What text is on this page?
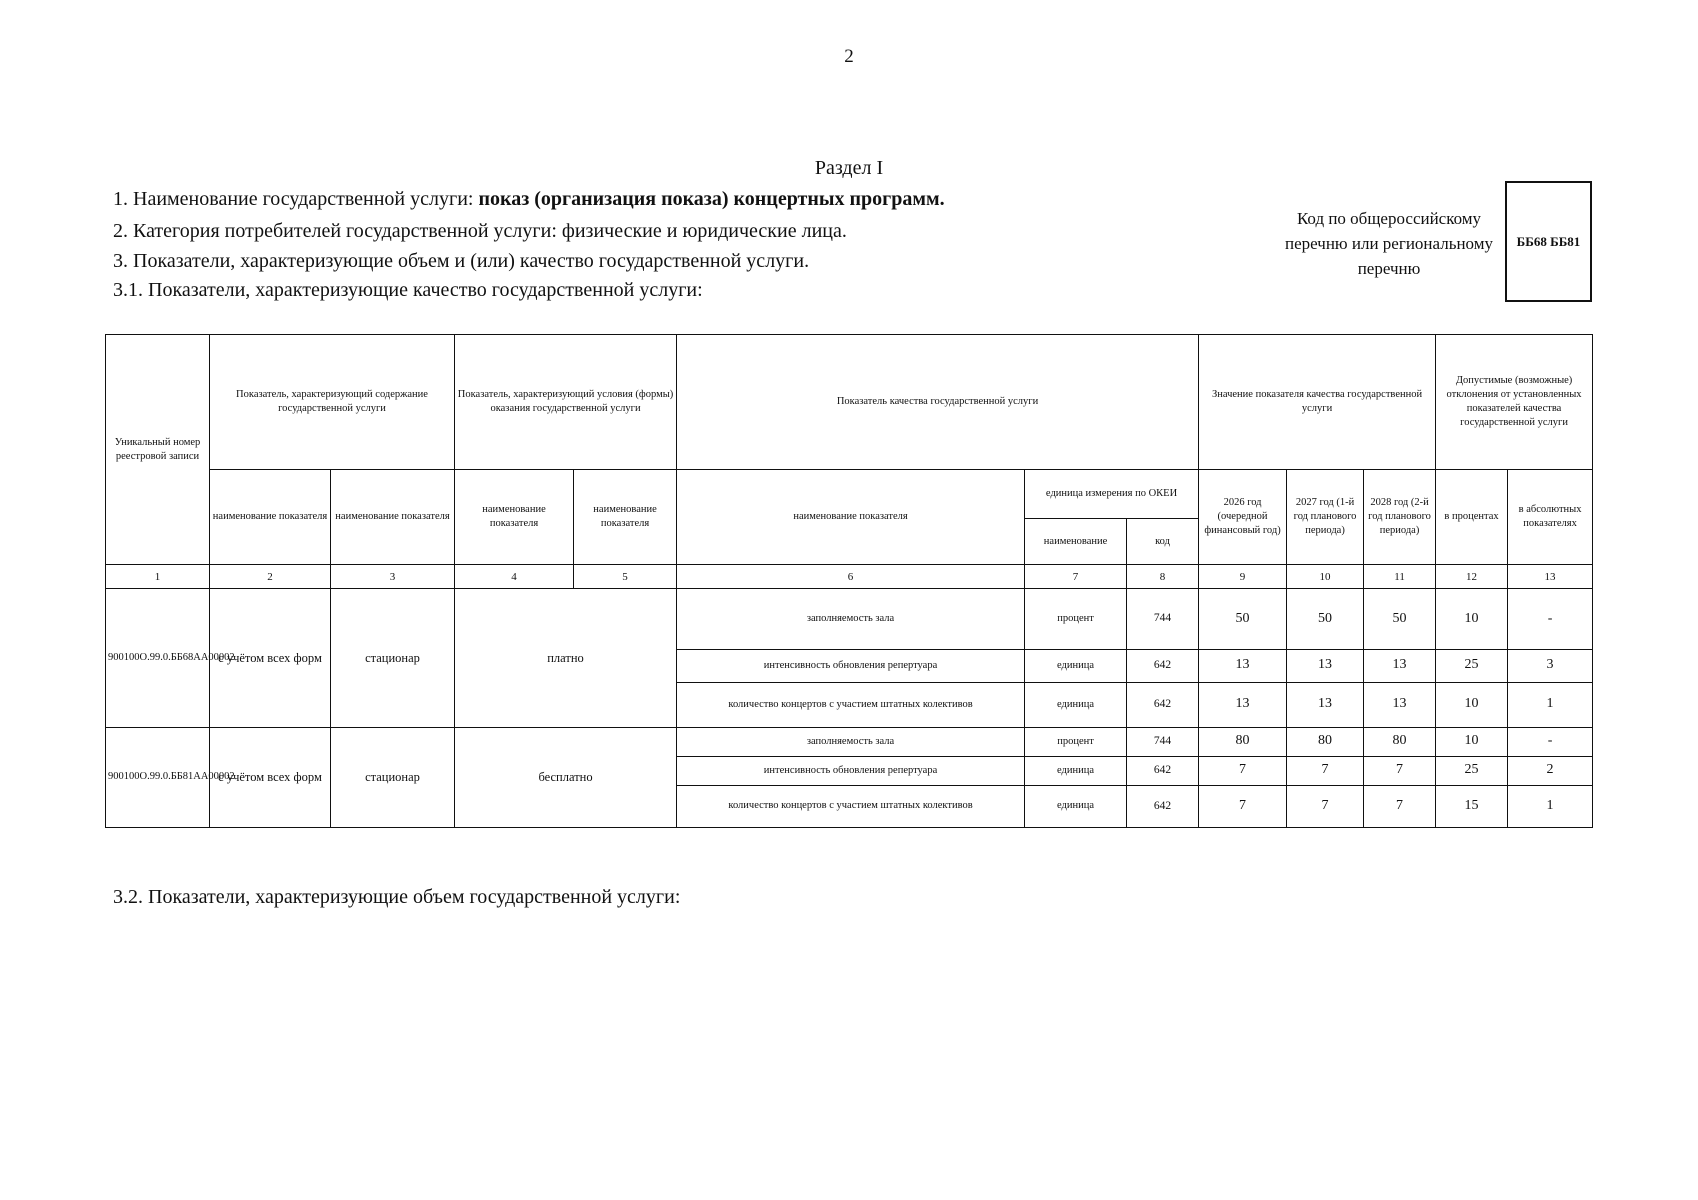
2
Раздел I
1. Наименование государственной услуги: показ (организация показа) концертных программ.
2. Категория потребителей государственной услуги: физические и юридические лица.
3. Показатели, характеризующие объем и (или) качество государственной услуги.
3.1. Показатели, характеризующие качество государственной услуги:
Код по общероссийскому перечню или региональному перечню
ББ68 ББ81
Уникальный номер реестровой записи	Показатель, характеризующий содержание государственной услуги		Показатель, характеризующий условия (формы) оказания государственной услуги		Показатель качества государственной услуги			Значение показателя качества государственной услуги			Допустимые (возможные) отклонения от установленных показателей качества государственной услуги	
	наименование показателя	наименование показателя	наименование показателя	наименование показателя	наименование показателя	единица измерения по ОКЕИ		2026 год (очередной финансовый год)	2027 год (1-й год планового периода)	2028 год (2-й год планового периода)	в процентах	в абсолютных показателях
						наименование	код					
1	2	3	4	5	6	7	8	9	10	11	12	13
900100О.99.0.ББ68АА00002	с учётом всех форм	стационар	платно		заполняемость зала	процент	744	50	50	50	10	-
					интенсивность обновления репертуара	единица	642	13	13	13	25	3
					количество концертов с участием штатных колективов	единица	642	13	13	13	10	1
900100О.99.0.ББ81АА00002	с учётом всех форм	стационар	бесплатно		заполняемость зала	процент	744	80	80	80	10	-
					интенсивность обновления репертуара	единица	642	7	7	7	25	2
					количество концертов с участием штатных колективов	единица	642	7	7	7	15	1
3.2. Показатели, характеризующие объем государственной услуги:
